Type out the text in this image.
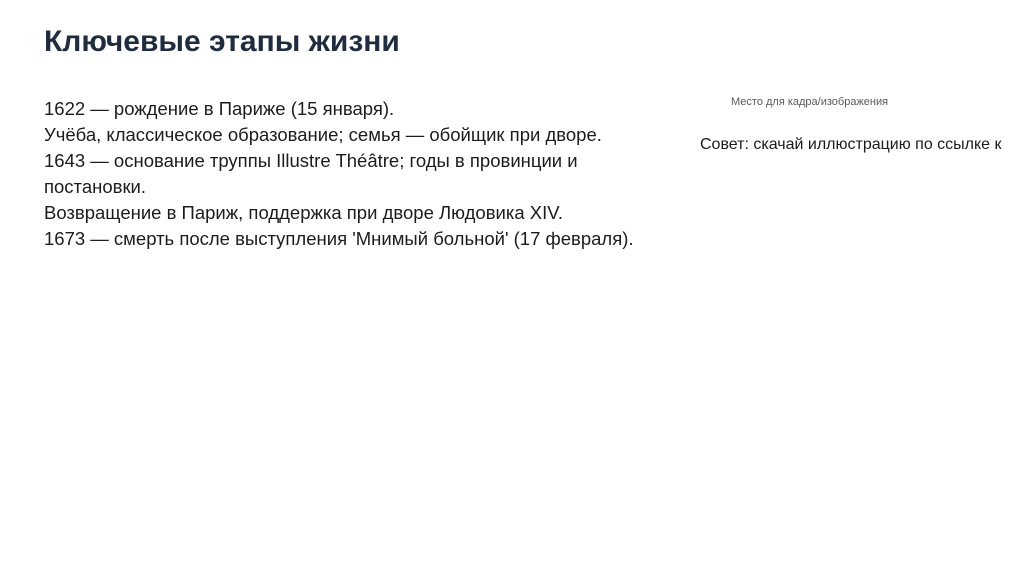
Ключевые этапы жизни
1622 — рождение в Париже (15 января).
Учёба, классическое образование; семья — обойщик при дворе.
1643 — основание труппы Illustre Théâtre; годы в провинции и постановки.
Возвращение в Париж, поддержка при дворе Людовика XIV.
1673 — смерть после выступления 'Мнимый больной' (17 февраля).
Место для кадра/изображения
Совет: скачай иллюстрацию по ссылке к
